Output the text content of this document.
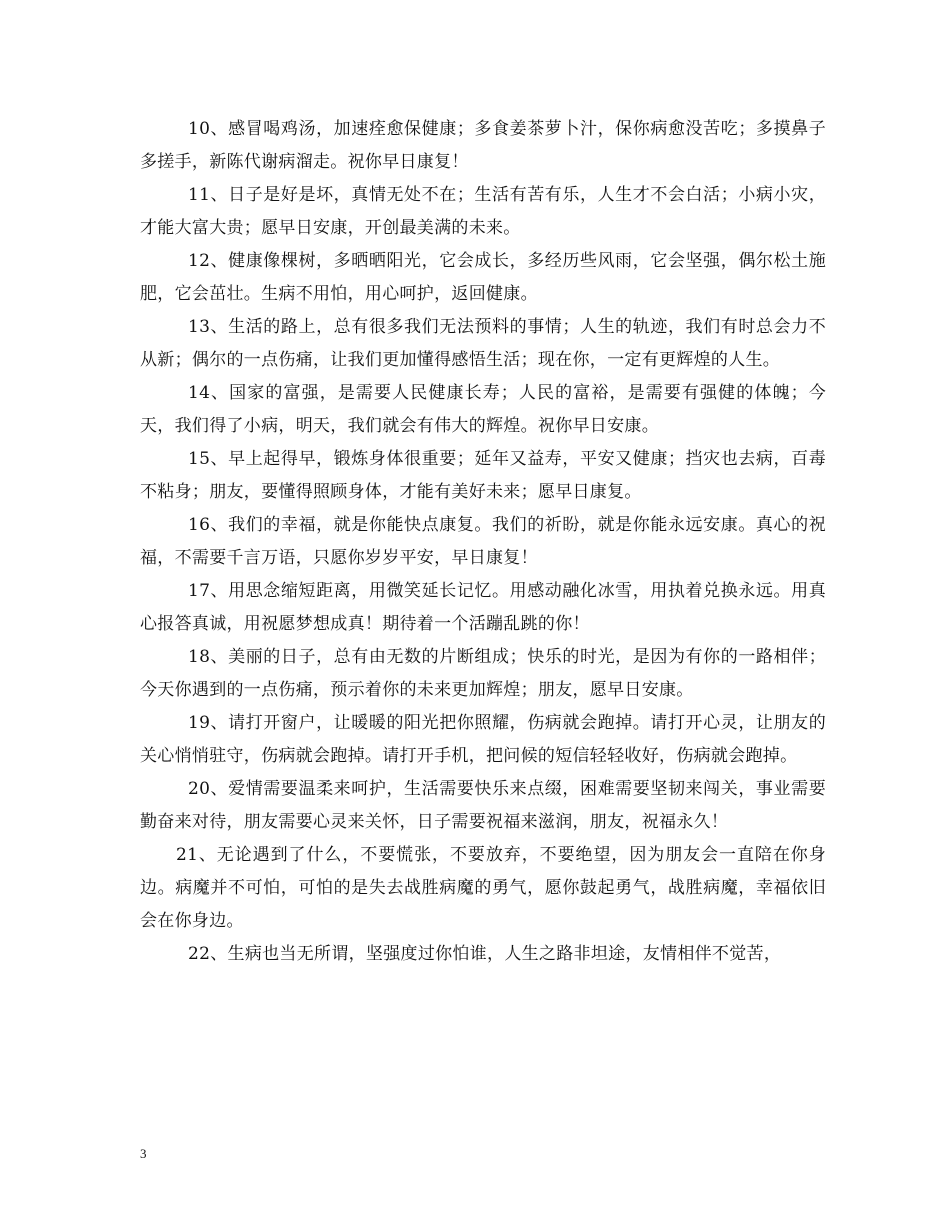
10、感冒喝鸡汤，加速痊愈保健康；多食姜茶萝卜汁，保你病愈没苦吃；多摸鼻子多搓手，新陈代谢病溜走。祝你早日康复！

11、日子是好是坏，真情无处不在；生活有苦有乐，人生才不会白活；小病小灾，才能大富大贵；愿早日安康，开创最美满的未来。

12、健康像棵树，多晒晒阳光，它会成长，多经历些风雨，它会坚强，偶尔松土施肥，它会茁壮。生病不用怕，用心呵护，返回健康。

13、生活的路上，总有很多我们无法预料的事情；人生的轨迹，我们有时总会力不从新；偶尔的一点伤痛，让我们更加懂得感悟生活；现在你，一定有更辉煌的人生。

14、国家的富强，是需要人民健康长寿；人民的富裕，是需要有强健的体魄；今天，我们得了小病，明天，我们就会有伟大的辉煌。祝你早日安康。

15、早上起得早，锻炼身体很重要；延年又益寿，平安又健康；挡灾也去病，百毒不粘身；朋友，要懂得照顾身体，才能有美好未来；愿早日康复。

16、我们的幸福，就是你能快点康复。我们的祈盼，就是你能永远安康。真心的祝福，不需要千言万语，只愿你岁岁平安，早日康复！

17、用思念缩短距离，用微笑延长记忆。用感动融化冰雪，用执着兑换永远。用真心报答真诚，用祝愿梦想成真！期待着一个活蹦乱跳的你！

18、美丽的日子，总有由无数的片断组成；快乐的时光，是因为有你的一路相伴；今天你遇到的一点伤痛，预示着你的未来更加辉煌；朋友，愿早日安康。

19、请打开窗户，让暖暖的阳光把你照耀，伤病就会跑掉。请打开心灵，让朋友的关心悄悄驻守，伤病就会跑掉。请打开手机，把问候的短信轻轻收好，伤病就会跑掉。

20、爱情需要温柔来呵护，生活需要快乐来点缀，困难需要坚韧来闯关，事业需要勤奋来对待，朋友需要心灵来关怀，日子需要祝福来滋润，朋友，祝福永久！

21、无论遇到了什么，不要慌张，不要放弃，不要绝望，因为朋友会一直陪在你身边。病魔并不可怕，可怕的是失去战胜病魔的勇气，愿你鼓起勇气，战胜病魔，幸福依旧会在你身边。

22、生病也当无所谓，坚强度过你怕谁，人生之路非坦途，友情相伴不觉苦，

3
